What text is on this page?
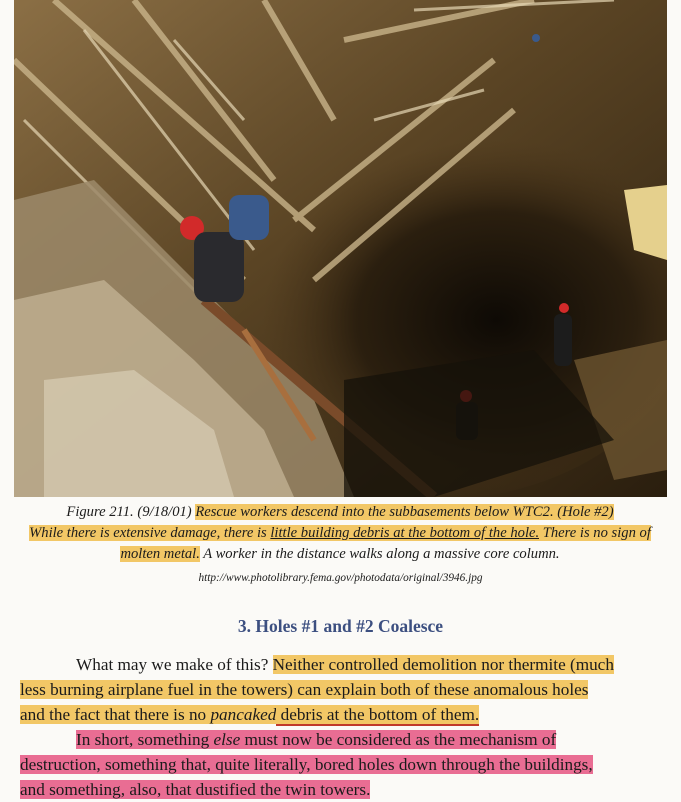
Figure 211. (9/18/01) Rescue workers descend into the subbasements below WTC2. (Hole #2)
While there is extensive damage, there is little building debris at the bottom of the hole. There is no sign of
molten metal. A worker in the distance walks along a massive core column.
http://www.photolibrary.fema.gov/photodata/original/3946.jpg
3. Holes #1 and #2 Coalesce
What may we make of this? Neither controlled demolition nor thermite (much
less burning airplane fuel in the towers) can explain both of these anomalous holes
and the fact that there is no pancaked debris at the bottom of them.
In short, something else must now be considered as the mechanism of
destruction, something that, quite literally, bored holes down through the buildings,
and something, also, that dustified the twin towers.
